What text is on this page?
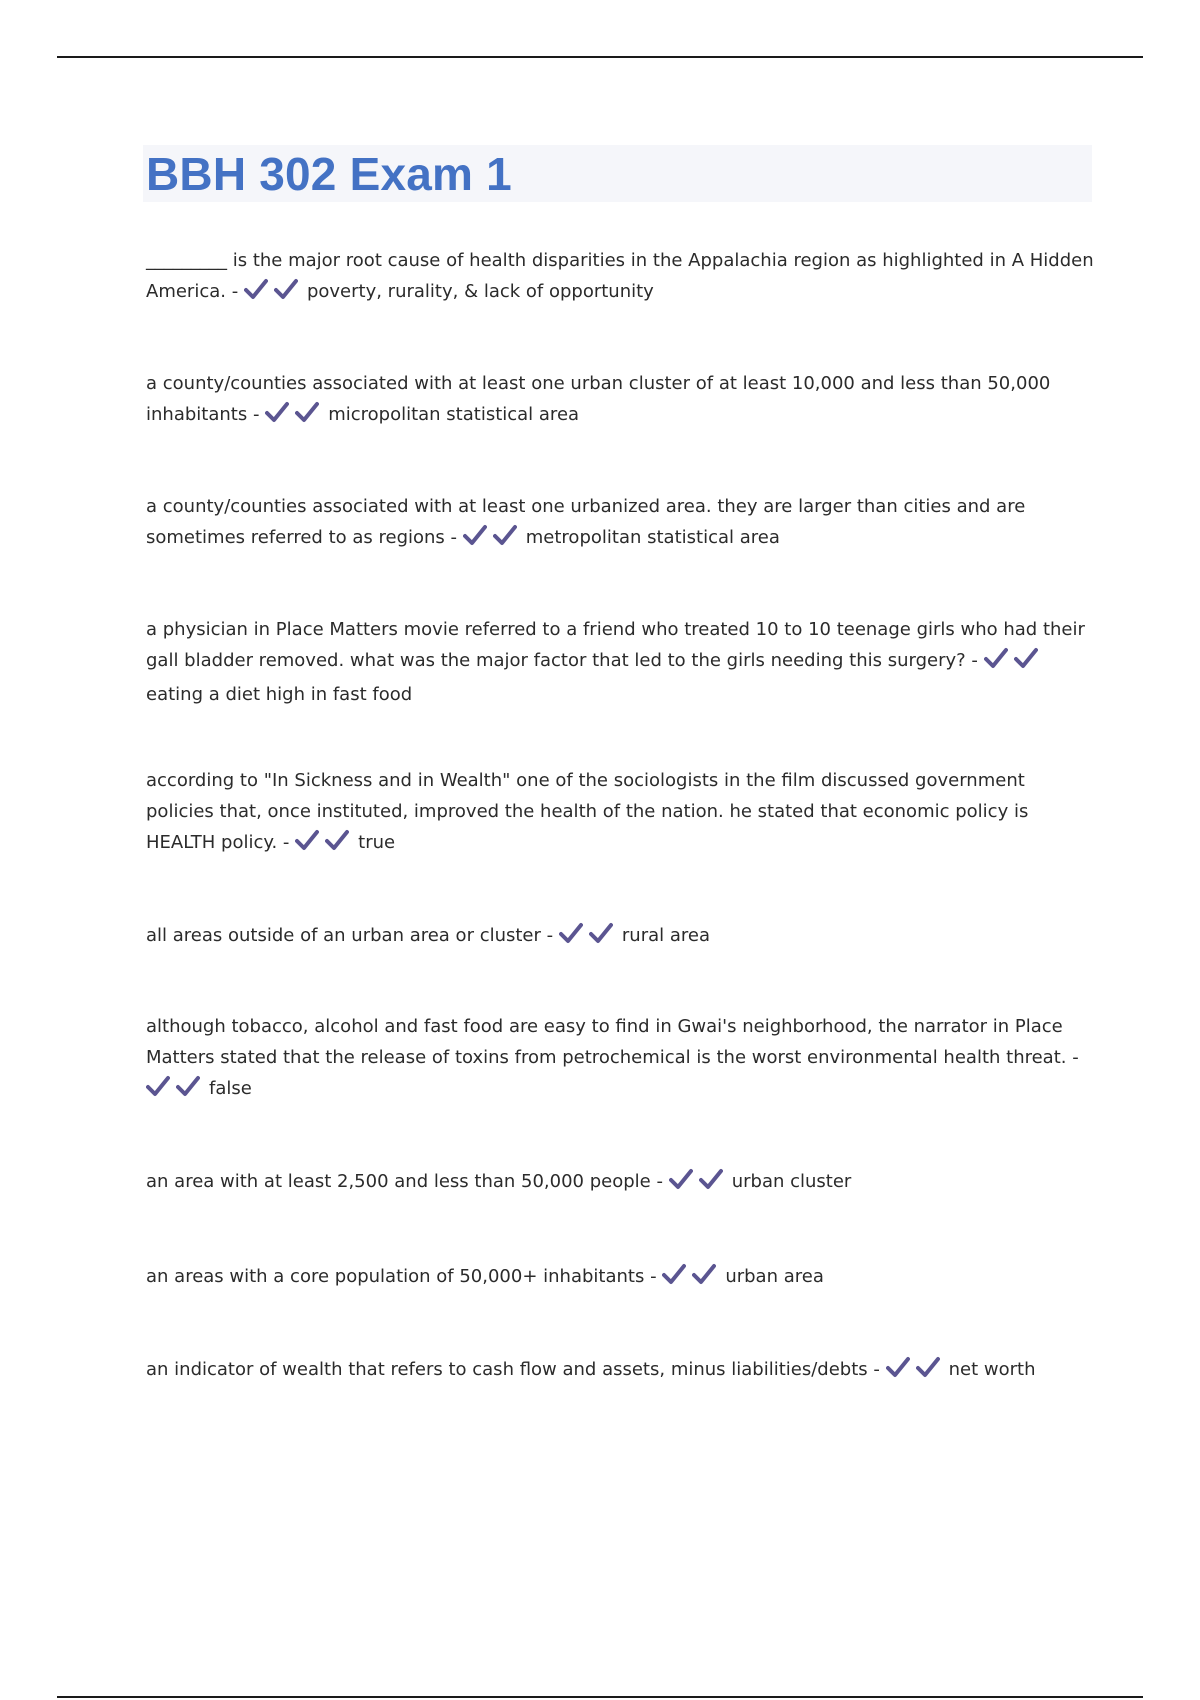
BBH 302 Exam 1

_________ is the major root cause of health disparities in the Appalachia region as highlighted in A Hidden America. -	poverty, rurality, & lack of opportunity

a county/counties associated with at least one urban cluster of at least 10,000 and less than 50,000 inhabitants -	micropolitan statistical area

a county/counties associated with at least one urbanized area. they are larger than cities and are sometimes referred to as regions -	metropolitan statistical area

a physician in Place Matters movie referred to a friend who treated 10 to 10 teenage girls who had their gall bladder removed. what was the major factor that led to the girls needing this surgery? - eating a diet high in fast food

according to "In Sickness and in Wealth" one of the sociologists in the film discussed government policies that, once instituted, improved the health of the nation. he stated that economic policy is HEALTH policy. -	true

all areas outside of an urban area or cluster -	rural area

although tobacco, alcohol and fast food are easy to find in Gwai's neighborhood, the narrator in Place Matters stated that the release of toxins from petrochemical is the worst environmental health threat. - false

an area with at least 2,500 and less than 50,000 people -	urban cluster

an areas with a core population of 50,000+ inhabitants -	urban area

an indicator of wealth that refers to cash flow and assets, minus liabilities/debts -	net worth
